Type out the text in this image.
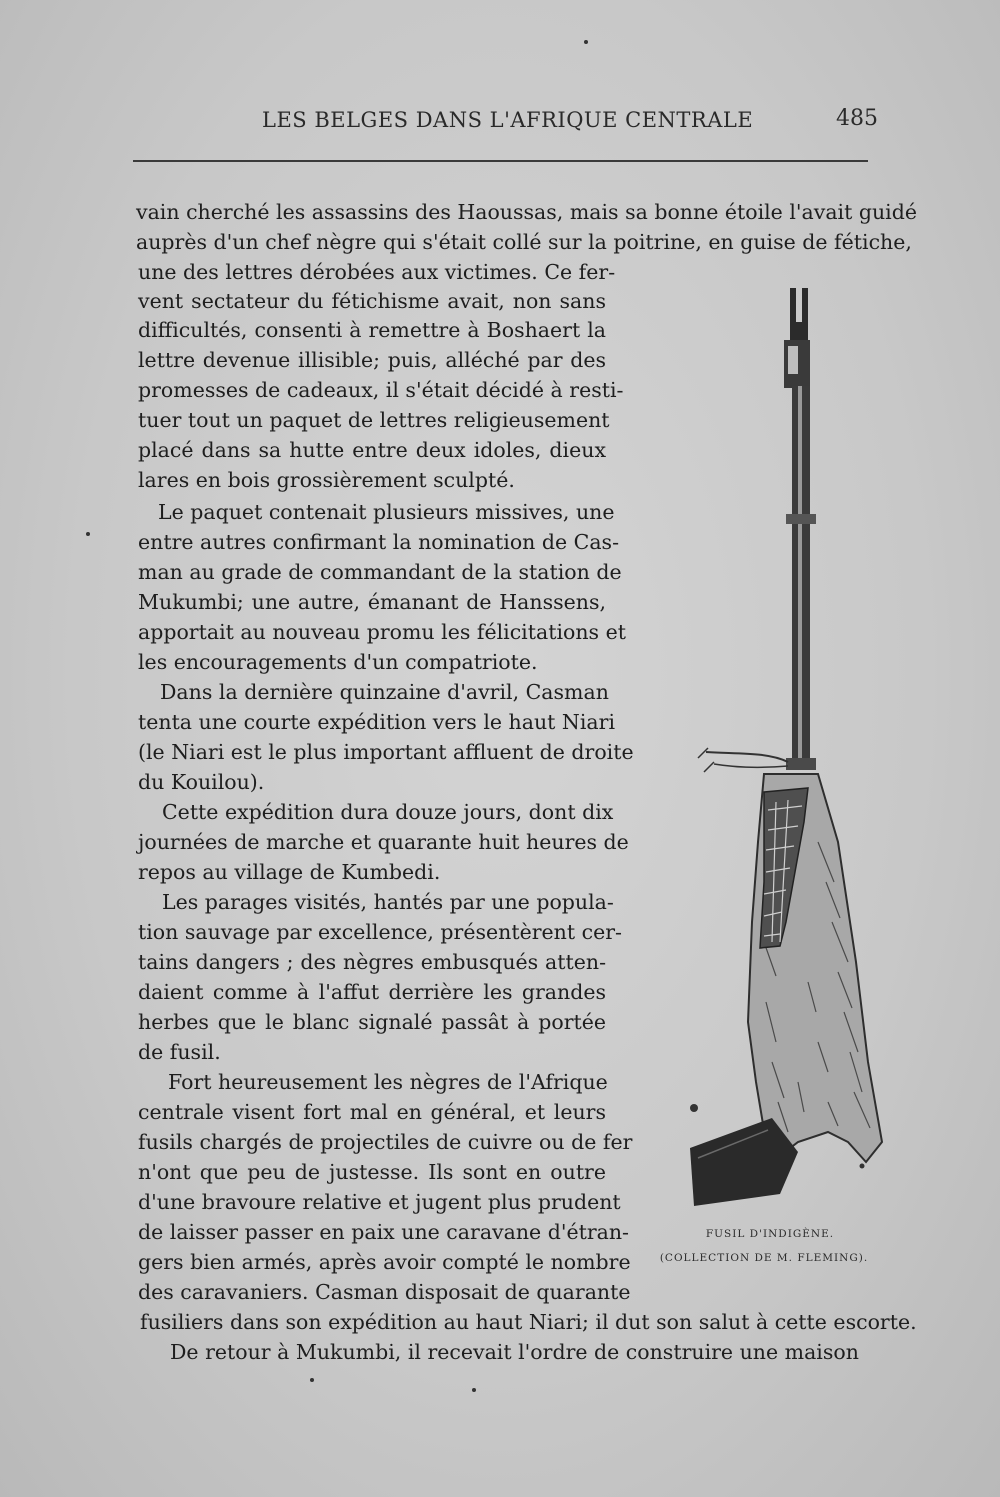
LES BELGES DANS L'AFRIQUE CENTRALE	485
vain cherché les assassins des Haoussas, mais sa bonne étoile l'avait guidé
auprès d'un chef nègre qui s'était collé sur la poitrine, en guise de fétiche,
une des lettres dérobées aux victimes. Ce fer-
vent sectateur du fétichisme avait, non sans
difficultés, consenti à remettre à Boshaert la
lettre devenue illisible; puis, alléché par des
promesses de cadeaux, il s'était décidé à resti-
tuer tout un paquet de lettres religieusement
placé dans sa hutte entre deux idoles, dieux
lares en bois grossièrement sculpté.
Le paquet contenait plusieurs missives, une
entre autres confirmant la nomination de Cas-
man au grade de commandant de la station de
Mukumbi; une autre, émanant de Hanssens,
apportait au nouveau promu les félicitations et
les encouragements d'un compatriote.
Dans la dernière quinzaine d'avril, Casman
tenta une courte expédition vers le haut Niari
(le Niari est le plus important affluent de droite
du Kouilou).
Cette expédition dura douze jours, dont dix
journées de marche et quarante huit heures de
repos au village de Kumbedi.
Les parages visités, hantés par une popula-
tion sauvage par excellence, présentèrent cer-
tains dangers ; des nègres embusqués atten-
daient comme à l'affut derrière les grandes
herbes que le blanc signalé passât à portée
de fusil.
Fort heureusement les nègres de l'Afrique
centrale visent fort mal en général, et leurs
fusils chargés de projectiles de cuivre ou de fer
n'ont que peu de justesse. Ils sont en outre
d'une bravoure relative et jugent plus prudent
de laisser passer en paix une caravane d'étran-
gers bien armés, après avoir compté le nombre
des caravaniers. Casman disposait de quarante
fusiliers dans son expédition au haut Niari; il dut son salut à cette escorte.
De retour à Mukumbi, il recevait l'ordre de construire une maison
FUSIL D'INDIGÈNE.
(COLLECTION DE M. FLEMING).
